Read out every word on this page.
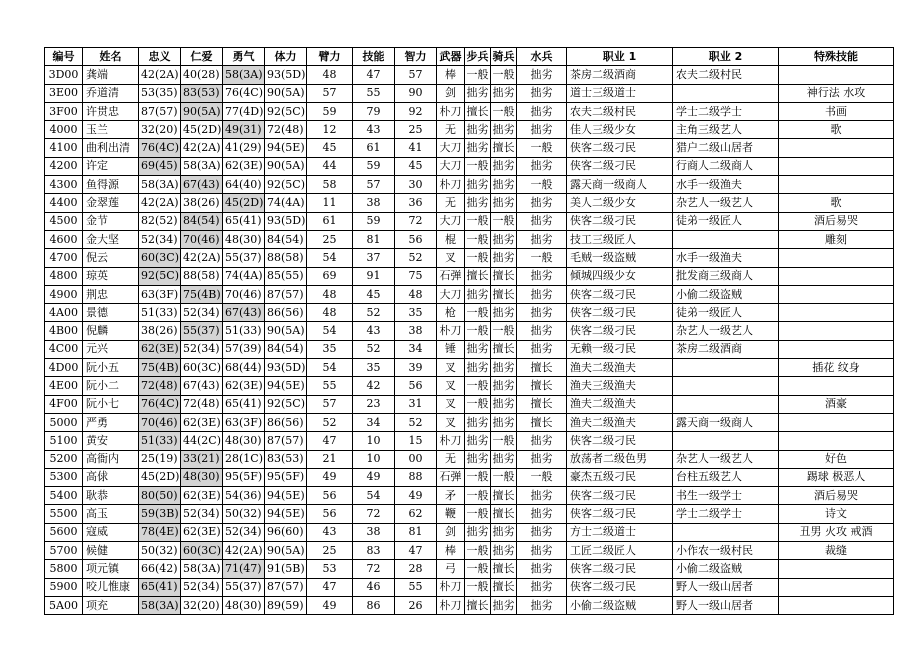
编号	姓名	忠义	仁爱	勇气	体力	臂力	技能	智力	武器	步兵	骑兵	水兵	职业 1	职业 2	特殊技能
3D00	龚端	42(2A)	40(28)	58(3A)	93(5D)	48	47	57	棒	一般	一般	拙劣	茶房二级酒商	农夫二级村民	
3E00	乔道清	53(35)	83(53)	76(4C)	90(5A)	57	55	90	剑	拙劣	拙劣	拙劣	道士三级道士		神行法 水攻
3F00	许贯忠	87(57)	90(5A)	77(4D)	92(5C)	59	79	92	朴刀	擅长	一般	拙劣	农夫二级村民	学士二级学士	书画
4000	玉兰	32(20)	45(2D)	49(31)	72(48)	12	43	25	无	拙劣	拙劣	拙劣	佳人三级少女	主角三级艺人	歌
4100	曲利出清	76(4C)	42(2A)	41(29)	94(5E)	45	61	41	大刀	拙劣	擅长	一般	侠客二级刁民	猎户二级山居者	
4200	许定	69(45)	58(3A)	62(3E)	90(5A)	44	59	45	大刀	一般	拙劣	拙劣	侠客二级刁民	行商人二级商人	
4300	鱼得源	58(3A)	67(43)	64(40)	92(5C)	58	57	30	朴刀	拙劣	拙劣	一般	露天商一级商人	水手一级渔夫	
4400	金翠莲	42(2A)	38(26)	45(2D)	74(4A)	11	38	36	无	拙劣	拙劣	拙劣	美人二级少女	杂艺人一级艺人	歌
4500	金节	82(52)	84(54)	65(41)	93(5D)	61	59	72	大刀	一般	一般	拙劣	侠客二级刁民	徒弟一级匠人	酒后易哭
4600	金大坚	52(34)	70(46)	48(30)	84(54)	25	81	56	棍	一般	拙劣	拙劣	技工三级匠人		雕刻
4700	倪云	60(3C)	42(2A)	55(37)	88(58)	54	37	52	叉	一般	拙劣	一般	毛贼一级盗贼	水手一级渔夫	
4800	琼英	92(5C)	88(58)	74(4A)	85(55)	69	91	75	石弹	擅长	擅长	拙劣	倾城四级少女	批发商三级商人	
4900	荆忠	63(3F)	75(4B)	70(46)	87(57)	48	45	48	大刀	拙劣	擅长	拙劣	侠客二级刁民	小偷二级盗贼	
4A00	景德	51(33)	52(34)	67(43)	86(56)	48	52	35	枪	一般	拙劣	拙劣	侠客二级刁民	徒弟一级匠人	
4B00	倪麟	38(26)	55(37)	51(33)	90(5A)	54	43	38	朴刀	一般	一般	拙劣	侠客二级刁民	杂艺人一级艺人	
4C00	元兴	62(3E)	52(34)	57(39)	84(54)	35	52	34	锤	拙劣	擅长	拙劣	无赖一级刁民	茶房二级酒商	
4D00	阮小五	75(4B)	60(3C)	68(44)	93(5D)	54	35	39	叉	拙劣	拙劣	擅长	渔夫二级渔夫		插花 纹身
4E00	阮小二	72(48)	67(43)	62(3E)	94(5E)	55	42	56	叉	一般	拙劣	擅长	渔夫三级渔夫		
4F00	阮小七	76(4C)	72(48)	65(41)	92(5C)	57	23	31	叉	一般	拙劣	擅长	渔夫二级渔夫		酒豪
5000	严勇	70(46)	62(3E)	63(3F)	86(56)	52	34	52	叉	拙劣	拙劣	擅长	渔夫二级渔夫	露天商一级商人	
5100	黄安	51(33)	44(2C)	48(30)	87(57)	47	10	15	朴刀	拙劣	一般	拙劣	侠客二级刁民		
5200	高衙内	25(19)	33(21)	28(1C)	83(53)	21	10	00	无	拙劣	拙劣	拙劣	放荡者二级色男	杂艺人一级艺人	好色
5300	高俅	45(2D)	48(30)	95(5F)	95(5F)	49	49	88	石弹	一般	一般	一般	豪杰五级刁民	台柱五级艺人	踢球 极恶人
5400	耿恭	80(50)	62(3E)	54(36)	94(5E)	56	54	49	矛	一般	擅长	拙劣	侠客二级刁民	书生一级学士	酒后易哭
5500	高玉	59(3B)	52(34)	50(32)	94(5E)	56	72	62	鞭	一般	擅长	拙劣	侠客二级刁民	学士二级学士	诗文
5600	寇威	78(4E)	62(3E)	52(34)	96(60)	43	38	81	剑	拙劣	拙劣	拙劣	方士二级道士		丑男 火攻 戒酒
5700	候健	50(32)	60(3C)	42(2A)	90(5A)	25	83	47	棒	一般	拙劣	拙劣	工匠二级匠人	小作农一级村民	裁缝
5800	项元镇	66(42)	58(3A)	71(47)	91(5B)	53	72	28	弓	一般	擅长	拙劣	侠客二级刁民	小偷二级盗贼	
5900	咬儿惟康	65(41)	52(34)	55(37)	87(57)	47	46	55	朴刀	一般	擅长	拙劣	侠客二级刁民	野人一级山居者	
5A00	项充	58(3A)	32(20)	48(30)	89(59)	49	86	26	朴刀	擅长	拙劣	拙劣	小偷二级盗贼	野人一级山居者	
